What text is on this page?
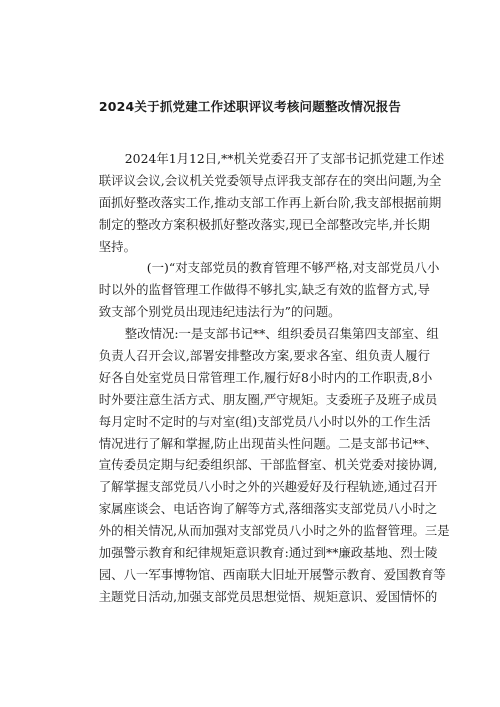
2024关于抓党建工作述职评议考核问题整改情况报告
2024年1月12日,**机关党委召开了支部书记抓党建工作述
联评议会议,会议机关党委领导点评我支部存在的突出问题,为全
面抓好整改落实工作,推动支部工作再上新台阶,我支部根据前期
制定的整改方案积极抓好整改落实,现已全部整改完毕,并长期
坚持。
(一)“对支部党员的教育管理不够严格,对支部党员八小
时以外的监督管理工作做得不够扎实,缺乏有效的监督方式,导
致支部个别党员出现违纪违法行为”的问题。
整改情况:一是支部书记**、组织委员召集第四支部室、组
负责人召开会议,部署安排整改方案,要求各室、组负责人履行
好各自处室党员日常管理工作,履行好8小时内的工作职责,8小
时外要注意生活方式、朋友圈,严守规矩。支委班子及班子成员
每月定时不定时的与对室(组)支部党员八小时以外的工作生活
情况进行了解和掌握,防止出现苗头性问题。二是支部书记**、
宣传委员定期与纪委组织部、干部监督室、机关党委对接协调,
了解掌握支部党员八小时之外的兴趣爱好及行程轨迹,通过召开
家属座谈会、电话咨询了解等方式,落细落实支部党员八小时之
外的相关情况,从而加强对支部党员八小时之外的监督管理。三是
加强警示教育和纪律规矩意识教育:通过到**廉政基地、烈士陵
园、八一军事博物馆、西南联大旧址开展警示教育、爱国教育等
主题党日活动,加强支部党员思想觉悟、规矩意识、爱国情怀的
